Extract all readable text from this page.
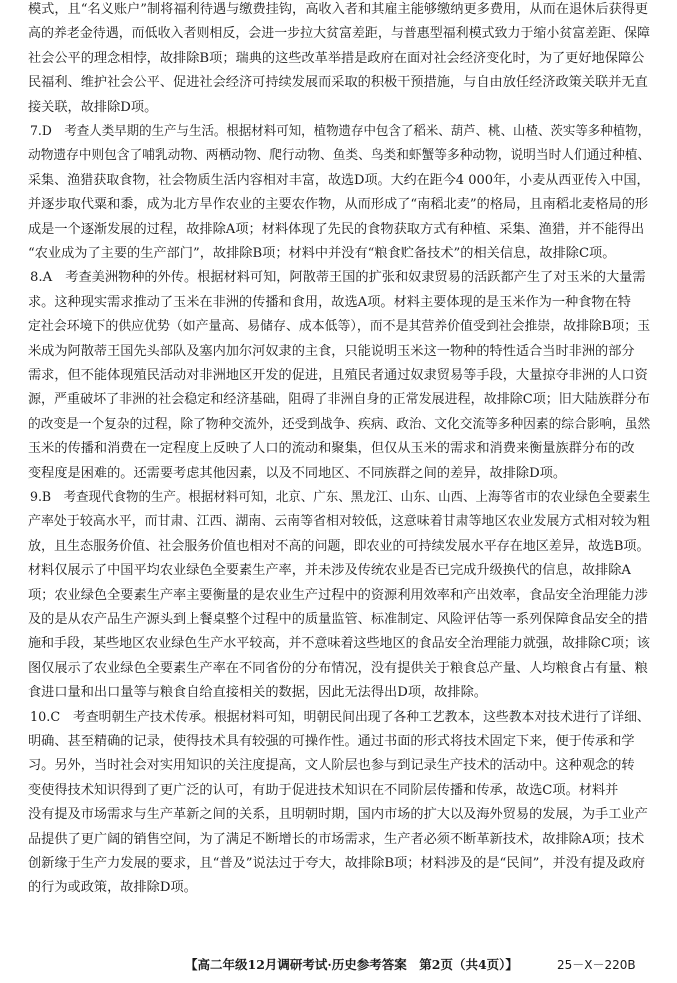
模式，且“名义账户”制将福利待遇与缴费挂钩，高收入者和其雇主能够缴纳更多费用，从而在退休后获得更
高的养老金待遇，而低收入者则相反，会进一步拉大贫富差距，与普惠型福利模式致力于缩小贫富差距、保障
社会公平的理念相悖，故排除B项；瑞典的这些改革举措是政府在面对社会经济变化时，为了更好地保障公
民福利、维护社会公平、促进社会经济可持续发展而采取的积极干预措施，与自由放任经济政策关联并无直
接关联，故排除D项。
7.D　考查人类早期的生产与生活。根据材料可知，植物遗存中包含了稻米、葫芦、桃、山楂、茨实等多种植物，
动物遗存中则包含了哺乳动物、两栖动物、爬行动物、鱼类、鸟类和虾蟹等多种动物，说明当时人们通过种植、
采集、渔猎获取食物，社会物质生活内容相对丰富，故选D项。大约在距今4 000年，小麦从西亚传入中国，
并逐步取代粟和黍，成为北方旱作农业的主要农作物，从而形成了“南稻北麦”的格局，且南稻北麦格局的形
成是一个逐渐发展的过程，故排除A项；材料体现了先民的食物获取方式有种植、采集、渔猎，并不能得出
“农业成为了主要的生产部门”，故排除B项；材料中并没有“粮食贮备技术”的相关信息，故排除C项。
8.A　考查美洲物种的外传。根据材料可知，阿散蒂王国的扩张和奴隶贸易的活跃都产生了对玉米的大量需
求。这种现实需求推动了玉米在非洲的传播和食用，故选A项。材料主要体现的是玉米作为一种食物在特
定社会环境下的供应优势（如产量高、易储存、成本低等），而不是其营养价值受到社会推崇，故排除B项；玉
米成为阿散蒂王国先头部队及塞内加尔河奴隶的主食，只能说明玉米这一物种的特性适合当时非洲的部分
需求，但不能体现殖民活动对非洲地区开发的促进，且殖民者通过奴隶贸易等手段，大量掠夺非洲的人口资
源，严重破坏了非洲的社会稳定和经济基础，阻碍了非洲自身的正常发展进程，故排除C项；旧大陆族群分布
的改变是一个复杂的过程，除了物种交流外，还受到战争、疾病、政治、文化交流等多种因素的综合影响，虽然
玉米的传播和消费在一定程度上反映了人口的流动和聚集，但仅从玉米的需求和消费来衡量族群分布的改
变程度是困难的。还需要考虑其他因素，以及不同地区、不同族群之间的差异，故排除D项。
9.B　考查现代食物的生产。根据材料可知，北京、广东、黑龙江、山东、山西、上海等省市的农业绿色全要素生
产率处于较高水平，而甘肃、江西、湖南、云南等省相对较低，这意味着甘肃等地区农业发展方式相对较为粗
放，且生态服务价值、社会服务价值也相对不高的问题，即农业的可持续发展水平存在地区差异，故选B项。
材料仅展示了中国平均农业绿色全要素生产率，并未涉及传统农业是否已完成升级换代的信息，故排除A
项；农业绿色全要素生产率主要衡量的是农业生产过程中的资源利用效率和产出效率，食品安全治理能力涉
及的是从农产品生产源头到上餐桌整个过程中的质量监管、标准制定、风险评估等一系列保障食品安全的措
施和手段，某些地区农业绿色生产水平较高，并不意味着这些地区的食品安全治理能力就强，故排除C项；该
图仅展示了农业绿色全要素生产率在不同省份的分布情况，没有提供关于粮食总产量、人均粮食占有量、粮
食进口量和出口量等与粮食自给直接相关的数据，因此无法得出D项，故排除。
10.C　考查明朝生产技术传承。根据材料可知，明朝民间出现了各种工艺教本，这些教本对技术进行了详细、
明确、甚至精确的记录，使得技术具有较强的可操作性。通过书面的形式将技术固定下来，便于传承和学
习。另外，当时社会对实用知识的关注度提高，文人阶层也参与到记录生产技术的活动中。这种观念的转
变使得技术知识得到了更广泛的认可，有助于促进技术知识在不同阶层传播和传承，故选C项。材料并
没有提及市场需求与生产革新之间的关系，且明朝时期，国内市场的扩大以及海外贸易的发展，为手工业产
品提供了更广阔的销售空间，为了满足不断增长的市场需求，生产者必须不断革新技术，故排除A项；技术
创新缘于生产力发展的要求，且“普及”说法过于夸大，故排除B项；材料涉及的是“民间”，并没有提及政府
的行为或政策，故排除D项。
【高二年级12月调研考试·历史参考答案　第2页（共4页）】	25－X－220B
